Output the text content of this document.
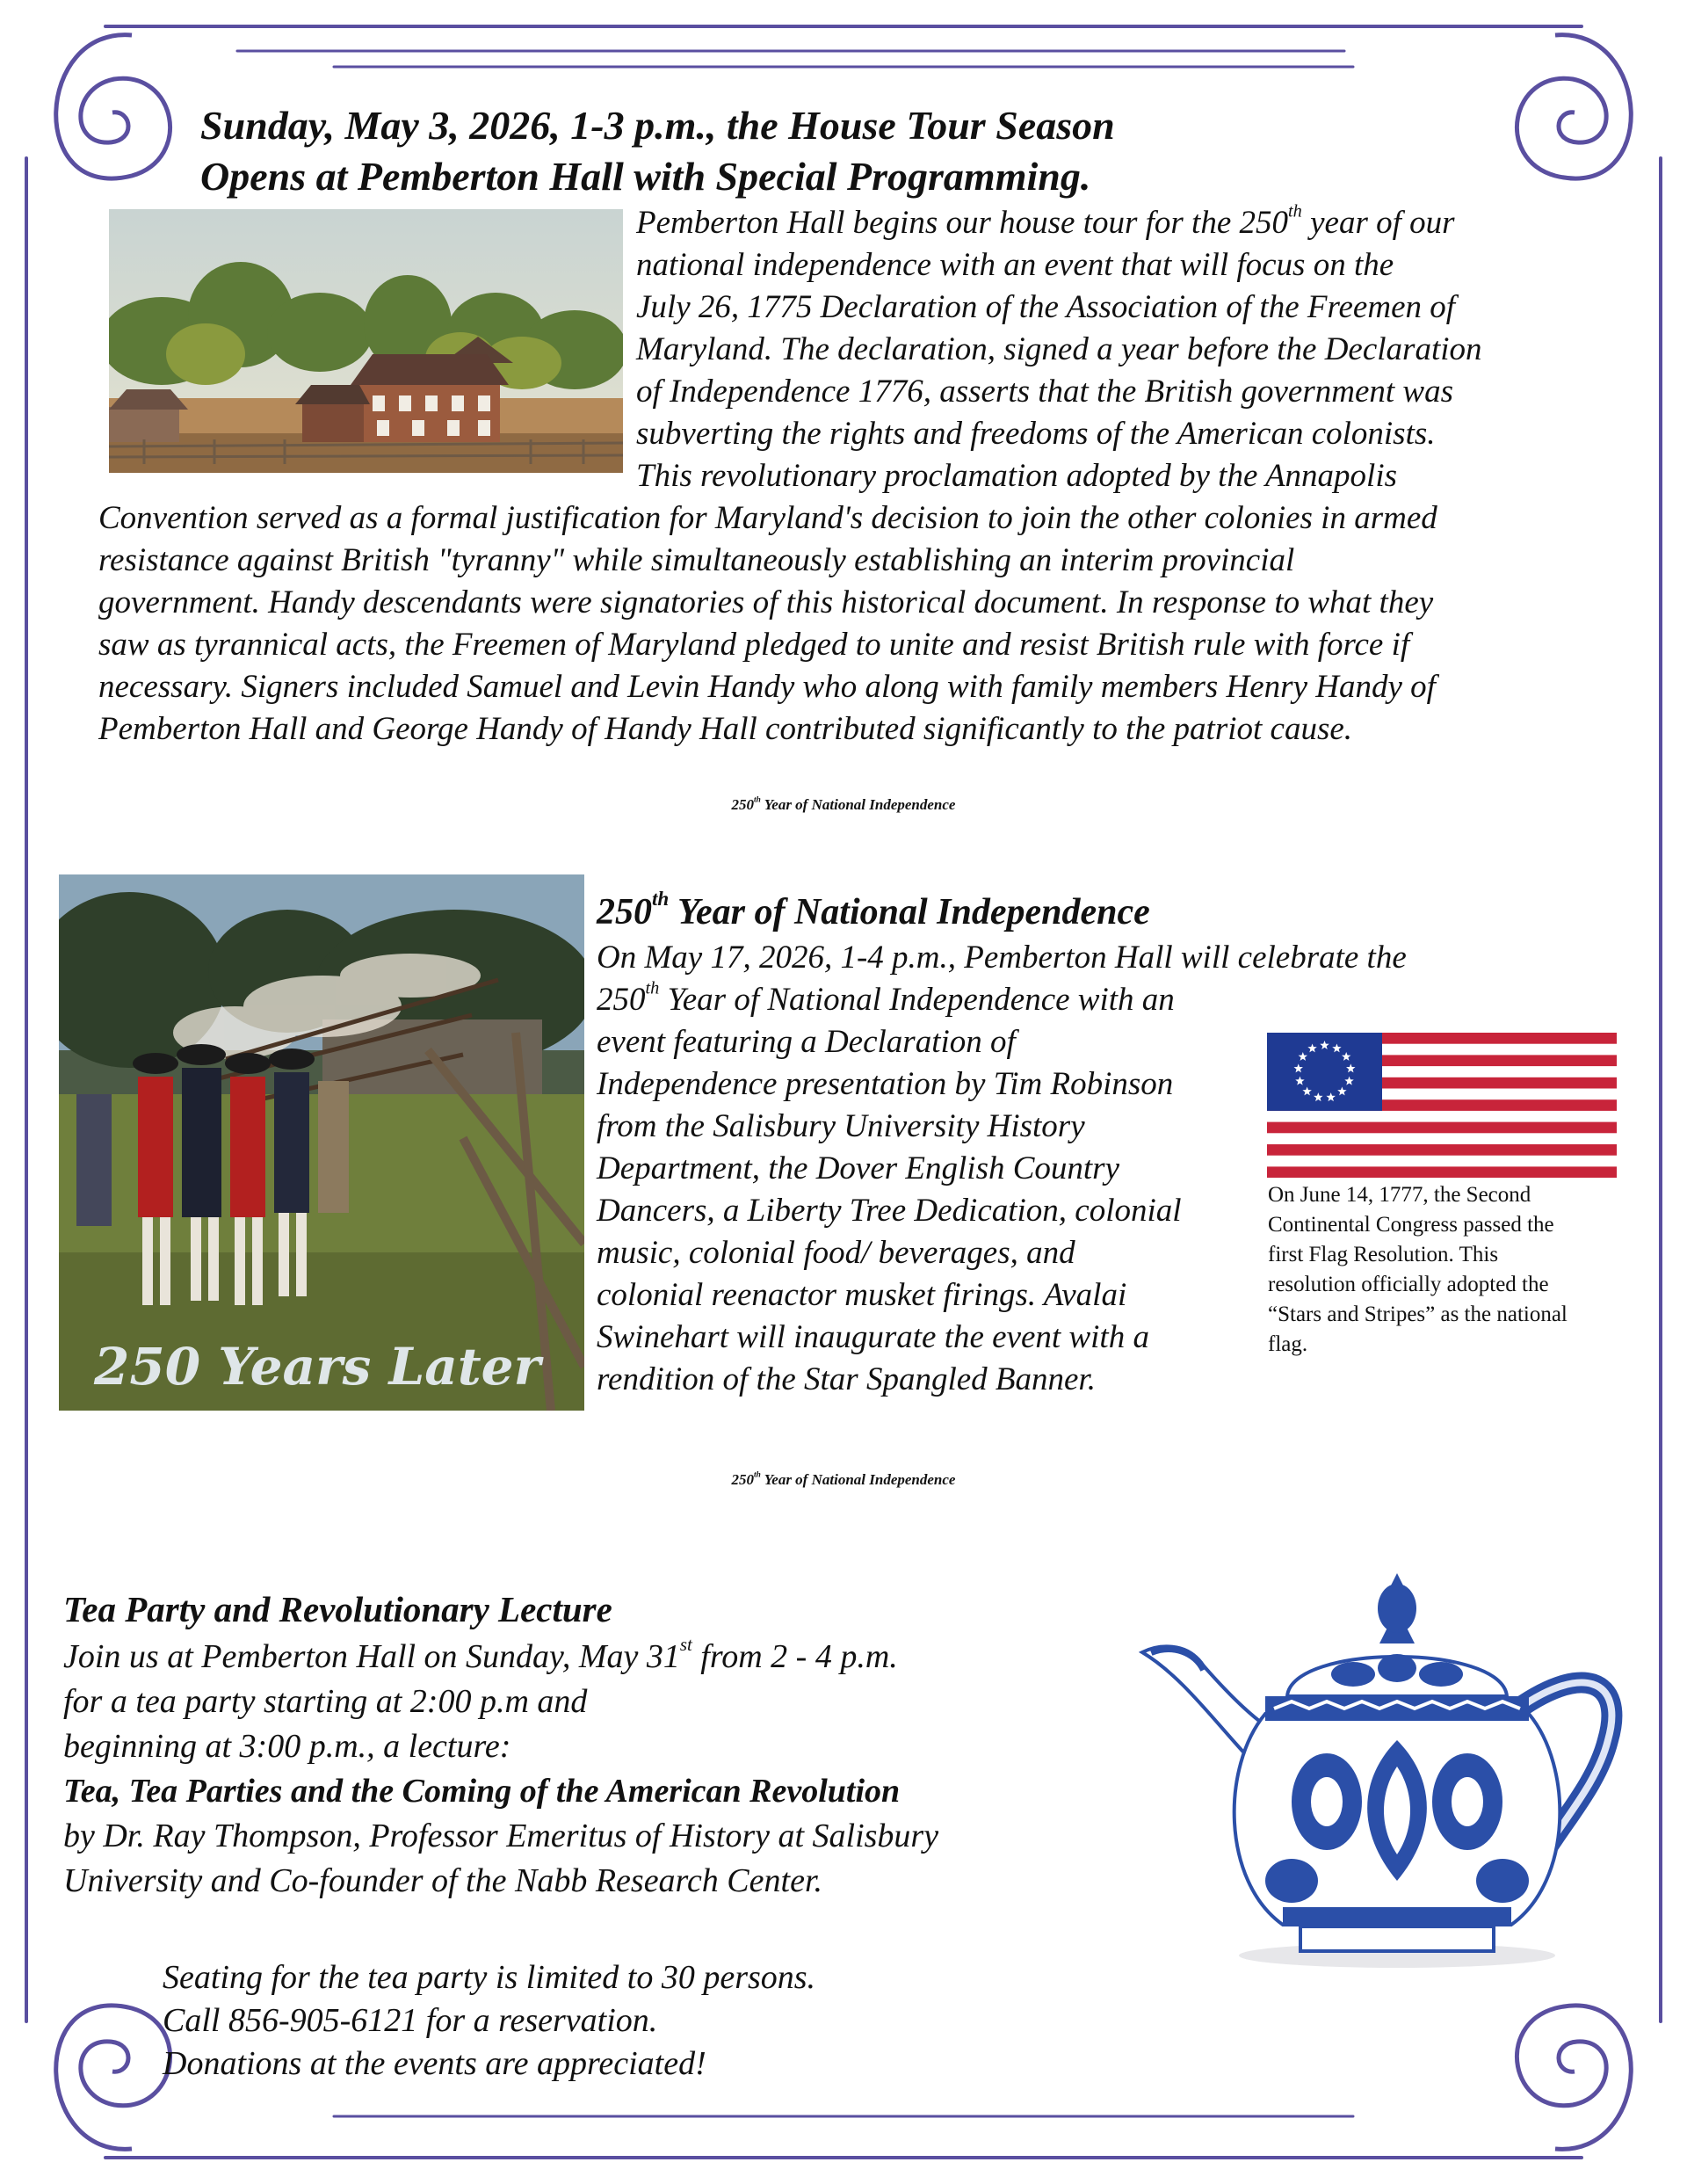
Sunday, May 3, 2026, 1-3 p.m., the House Tour Season
Opens at Pemberton Hall with Special Programming.
Pemberton Hall begins our house tour for the 250th year of our
national independence with an event that will focus on the
July 26, 1775 Declaration of the Association of the Freemen of
Maryland. The declaration, signed a year before the Declaration
of Independence 1776, asserts that the British government was
subverting the rights and freedoms of the American colonists.
This revolutionary proclamation adopted by the Annapolis
Convention served as a formal justification for Maryland's decision to join the other colonies in armed
resistance against British "tyranny" while simultaneously establishing an interim provincial
government. Handy descendants were signatories of this historical document. In response to what they
saw as tyrannical acts, the Freemen of Maryland pledged to unite and resist British rule with force if
necessary. Signers included Samuel and Levin Handy who along with family members Henry Handy of
Pemberton Hall and George Handy of Handy Hall contributed significantly to the patriot cause.
250th Year of National Independence
250 Years Later
250th Year of National Independence
On May 17, 2026, 1-4 p.m., Pemberton Hall will celebrate the
250th Year of National Independence with an
event featuring a Declaration of
Independence presentation by Tim Robinson
from the Salisbury University History
Department, the Dover English Country
Dancers, a Liberty Tree Dedication, colonial
music, colonial food/ beverages, and
colonial reenactor musket firings. Avalai
Swinehart will inaugurate the event with a
rendition of the Star Spangled Banner.
On June 14, 1777, the Second
Continental Congress passed the
first Flag Resolution. This
resolution officially adopted the
“Stars and Stripes” as the national
flag.
250th Year of National Independence
Tea Party and Revolutionary Lecture
Join us at Pemberton Hall on Sunday, May 31st from 2 - 4 p.m.
for a tea party starting at 2:00 p.m and
beginning at 3:00 p.m., a lecture:
Tea, Tea Parties and the Coming of the American Revolution
by Dr. Ray Thompson, Professor Emeritus of History at Salisbury
University and Co-founder of the Nabb Research Center.
Seating for the tea party is limited to 30 persons.
Call 856-905-6121 for a reservation.
Donations at the events are appreciated!
